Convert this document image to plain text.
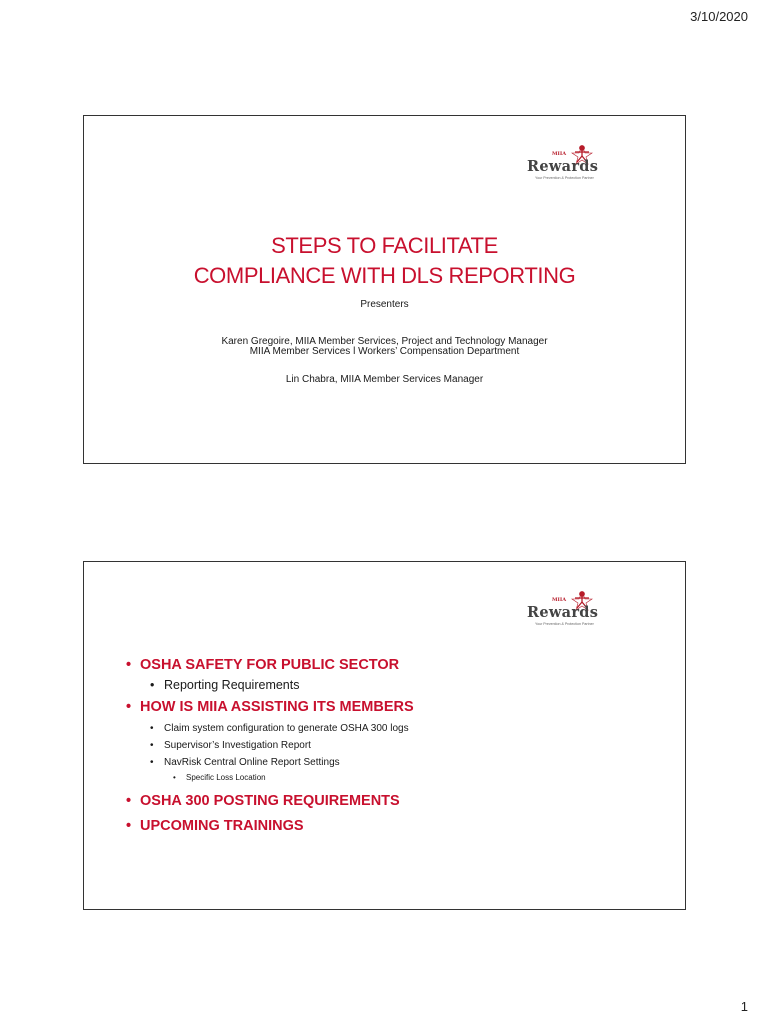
3/10/2020
MIIA
Rewards
Your Prevention & Protection Partner
STEPS TO FACILITATE
COMPLIANCE WITH DLS REPORTING
Presenters
Karen Gregoire, MIIA Member Services, Project and Technology Manager
MIIA Member Services l Workers’ Compensation Department
Lin Chabra, MIIA Member Services Manager
MIIA
Rewards
Your Prevention & Protection Partner
• OSHA SAFETY FOR PUBLIC SECTOR
• Reporting Requirements
• HOW IS MIIA ASSISTING ITS MEMBERS
• Claim system configuration to generate OSHA 300 logs
• Supervisor’s Investigation Report
• NavRisk Central Online Report Settings
• Specific Loss Location
• OSHA 300 POSTING REQUIREMENTS
• UPCOMING TRAININGS
1
